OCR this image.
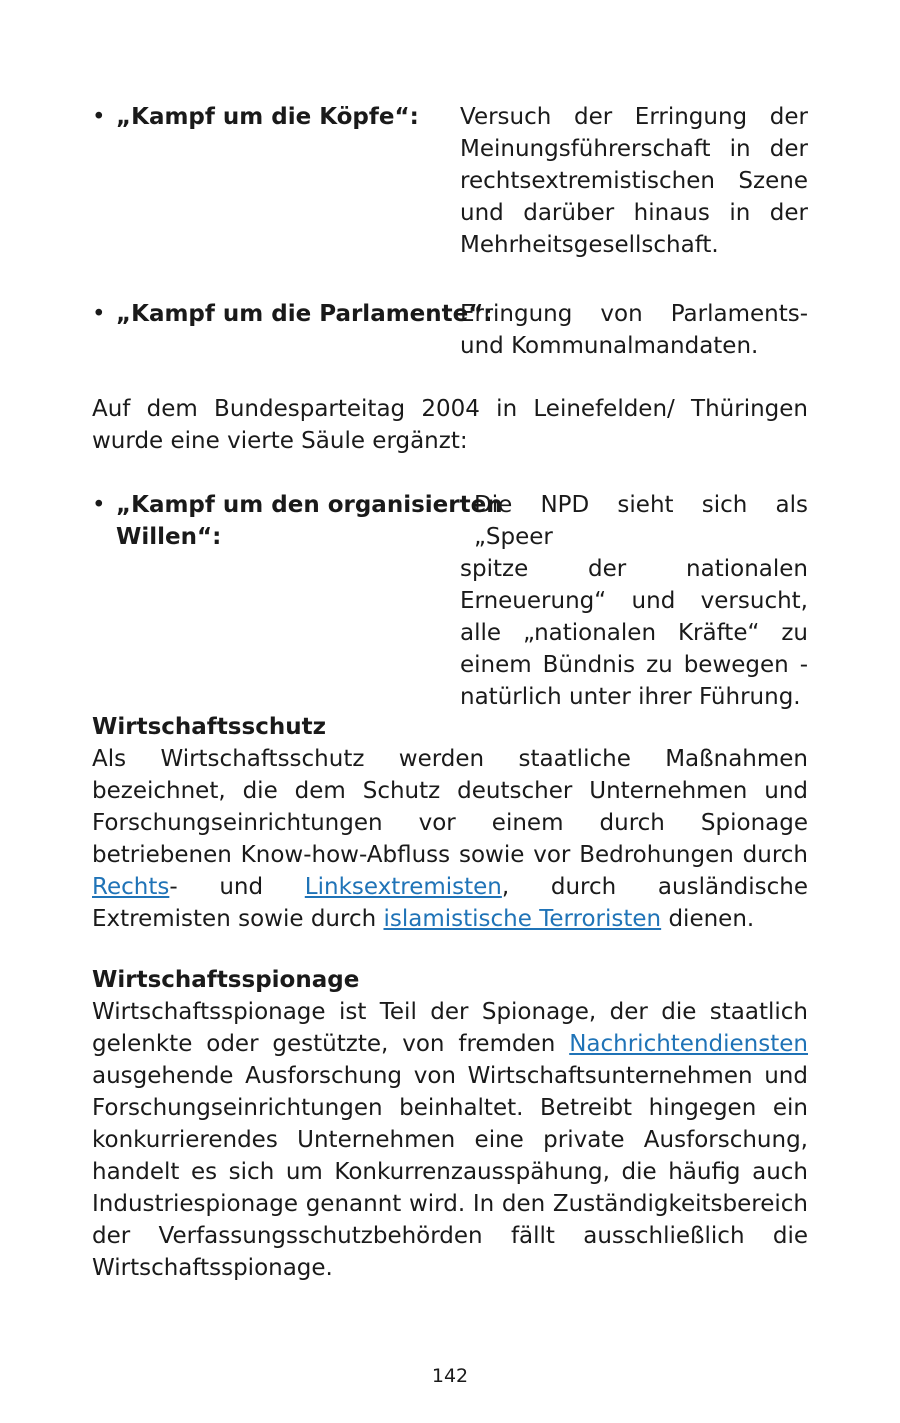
• „Kampf um die Köpfe“: Versuch der Erringung der Meinungsführerschaft in der rechtsextremistischen Szene und darüber hinaus in der Mehrheitsgesellschaft.
• „Kampf um die Parlamente“:
Erringung von Parlaments- und Kommunalmandaten.

Auf dem Bundesparteitag 2004 in Leinefelden/ Thüringen wurde eine vierte Säule ergänzt:

• „Kampf um den organisierten
Willen“:
Die NPD sieht sich als „Speer
spitze der nationalen Erneuerung“ und versucht, alle „nationalen Kräfte“ zu einem Bündnis zu bewegen - natürlich unter ihrer Führung.
Wirtschaftsschutz
Als Wirtschaftsschutz werden staatliche Maßnahmen bezeichnet, die dem Schutz deutscher Unternehmen und Forschungseinrichtungen vor einem durch Spionage betriebenen Know-how-Abfluss sowie vor Bedrohungen durch Rechts- und Linksextremisten, durch ausländische Extremisten sowie durch islamistische Terroristen dienen.
Wirtschaftsspionage
Wirtschaftsspionage ist Teil der Spionage, der die staatlich gelenkte oder gestützte, von fremden Nachrichtendiensten ausgehende Ausforschung von Wirtschaftsunternehmen und Forschungseinrichtungen beinhaltet. Betreibt hingegen ein konkurrierendes Unternehmen eine private Ausforschung, handelt es sich um Konkurrenzausspähung, die häufig auch Industriespionage genannt wird. In den Zuständigkeitsbereich der Verfassungsschutzbehörden fällt ausschließlich die Wirtschaftsspionage.
142
